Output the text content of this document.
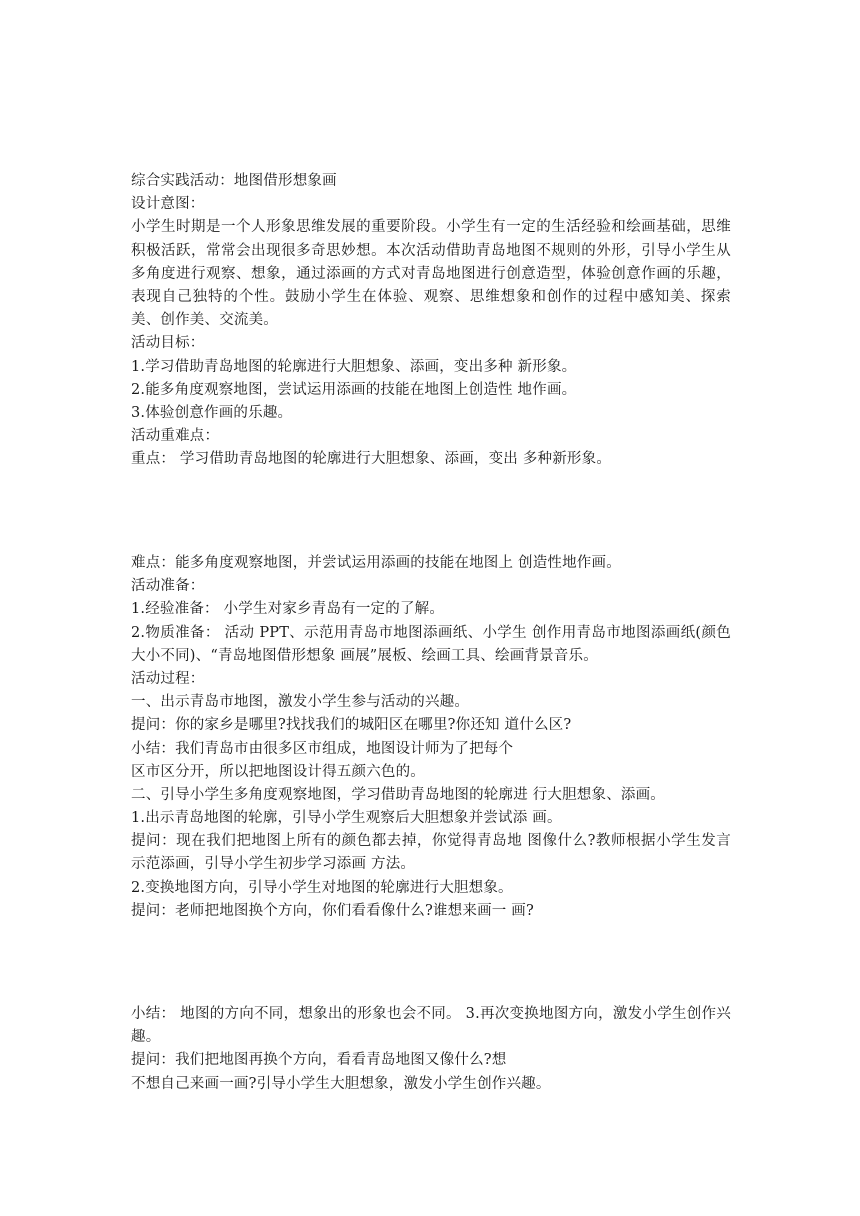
综合实践活动：地图借形想象画
设计意图：
小学生时期是一个人形象思维发展的重要阶段。小学生有一定的生活经验和绘画基础，思维积极活跃，常常会出现很多奇思妙想。本次活动借助青岛地图不规则的外形，引导小学生从多角度进行观察、想象，通过添画的方式对青岛地图进行创意造型，体验创意作画的乐趣，表现自己独特的个性。鼓励小学生在体验、观察、思维想象和创作的过程中感知美、探索美、创作美、交流美。
活动目标：
1.学习借助青岛地图的轮廓进行大胆想象、添画，变出多种 新形象。
2.能多角度观察地图，尝试运用添画的技能在地图上创造性 地作画。
3.体验创意作画的乐趣。
活动重难点：
重点： 学习借助青岛地图的轮廓进行大胆想象、添画，变出 多种新形象。
难点：能多角度观察地图，并尝试运用添画的技能在地图上 创造性地作画。
活动准备：
1.经验准备： 小学生对家乡青岛有一定的了解。
2.物质准备： 活动 PPT、示范用青岛市地图添画纸、小学生 创作用青岛市地图添画纸(颜色大小不同)、“青岛地图借形想象 画展”展板、绘画工具、绘画背景音乐。
活动过程：
一、出示青岛市地图，激发小学生参与活动的兴趣。
提问：你的家乡是哪里?找找我们的城阳区在哪里?你还知 道什么区?
小结：我们青岛市由很多区市组成，地图设计师为了把每个
区市区分开，所以把地图设计得五颜六色的。
二、引导小学生多角度观察地图，学习借助青岛地图的轮廓进 行大胆想象、添画。
1.出示青岛地图的轮廓，引导小学生观察后大胆想象并尝试添 画。
提问：现在我们把地图上所有的颜色都去掉，你觉得青岛地 图像什么?教师根据小学生发言示范添画，引导小学生初步学习添画 方法。
2.变换地图方向，引导小学生对地图的轮廓进行大胆想象。
提问：老师把地图换个方向，你们看看像什么?谁想来画一 画?
小结： 地图的方向不同，想象出的形象也会不同。 3.再次变换地图方向，激发小学生创作兴趣。
提问：我们把地图再换个方向，看看青岛地图又像什么?想
不想自己来画一画?引导小学生大胆想象，激发小学生创作兴趣。
